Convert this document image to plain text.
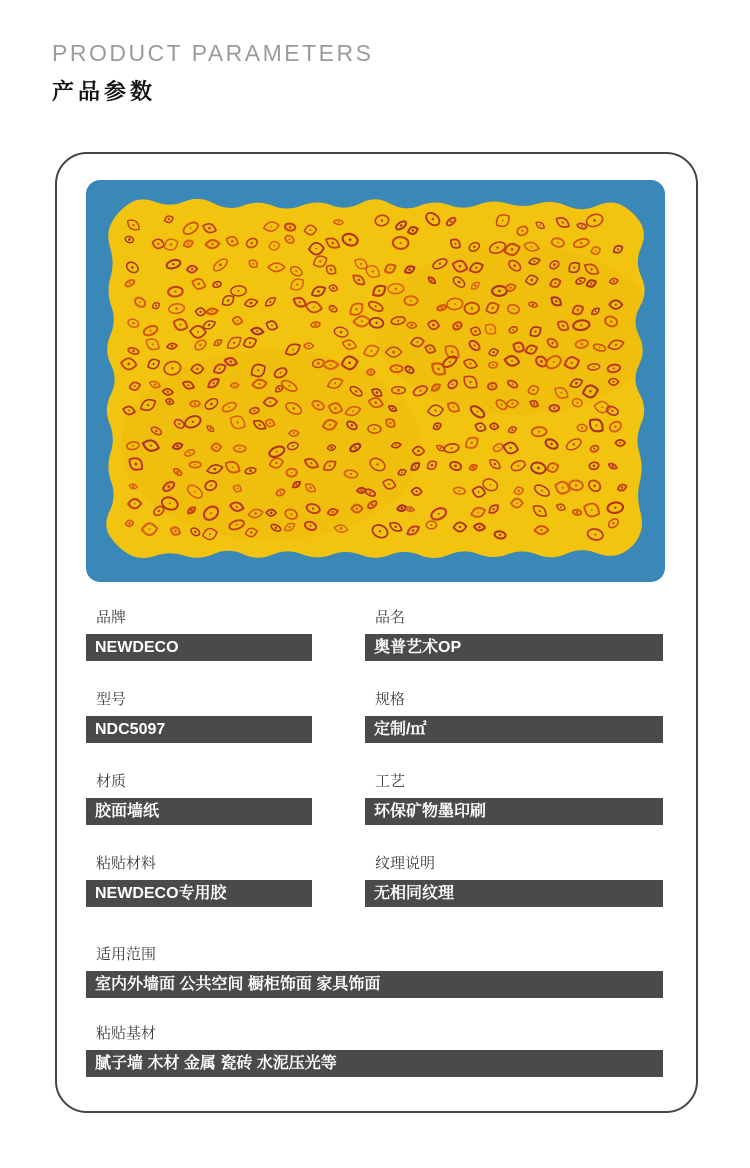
PRODUCT PARAMETERS
产品参数
品牌
NEWDECO
品名
奥普艺术OP
型号
NDC5097
规格
定制/㎡
材质
胶面墙纸
工艺
环保矿物墨印刷
粘贴材料
NEWDECO专用胶
纹理说明
无相同纹理
适用范围
室内外墙面 公共空间 橱柜饰面 家具饰面
粘贴基材
腻子墙 木材 金属 瓷砖 水泥压光等
